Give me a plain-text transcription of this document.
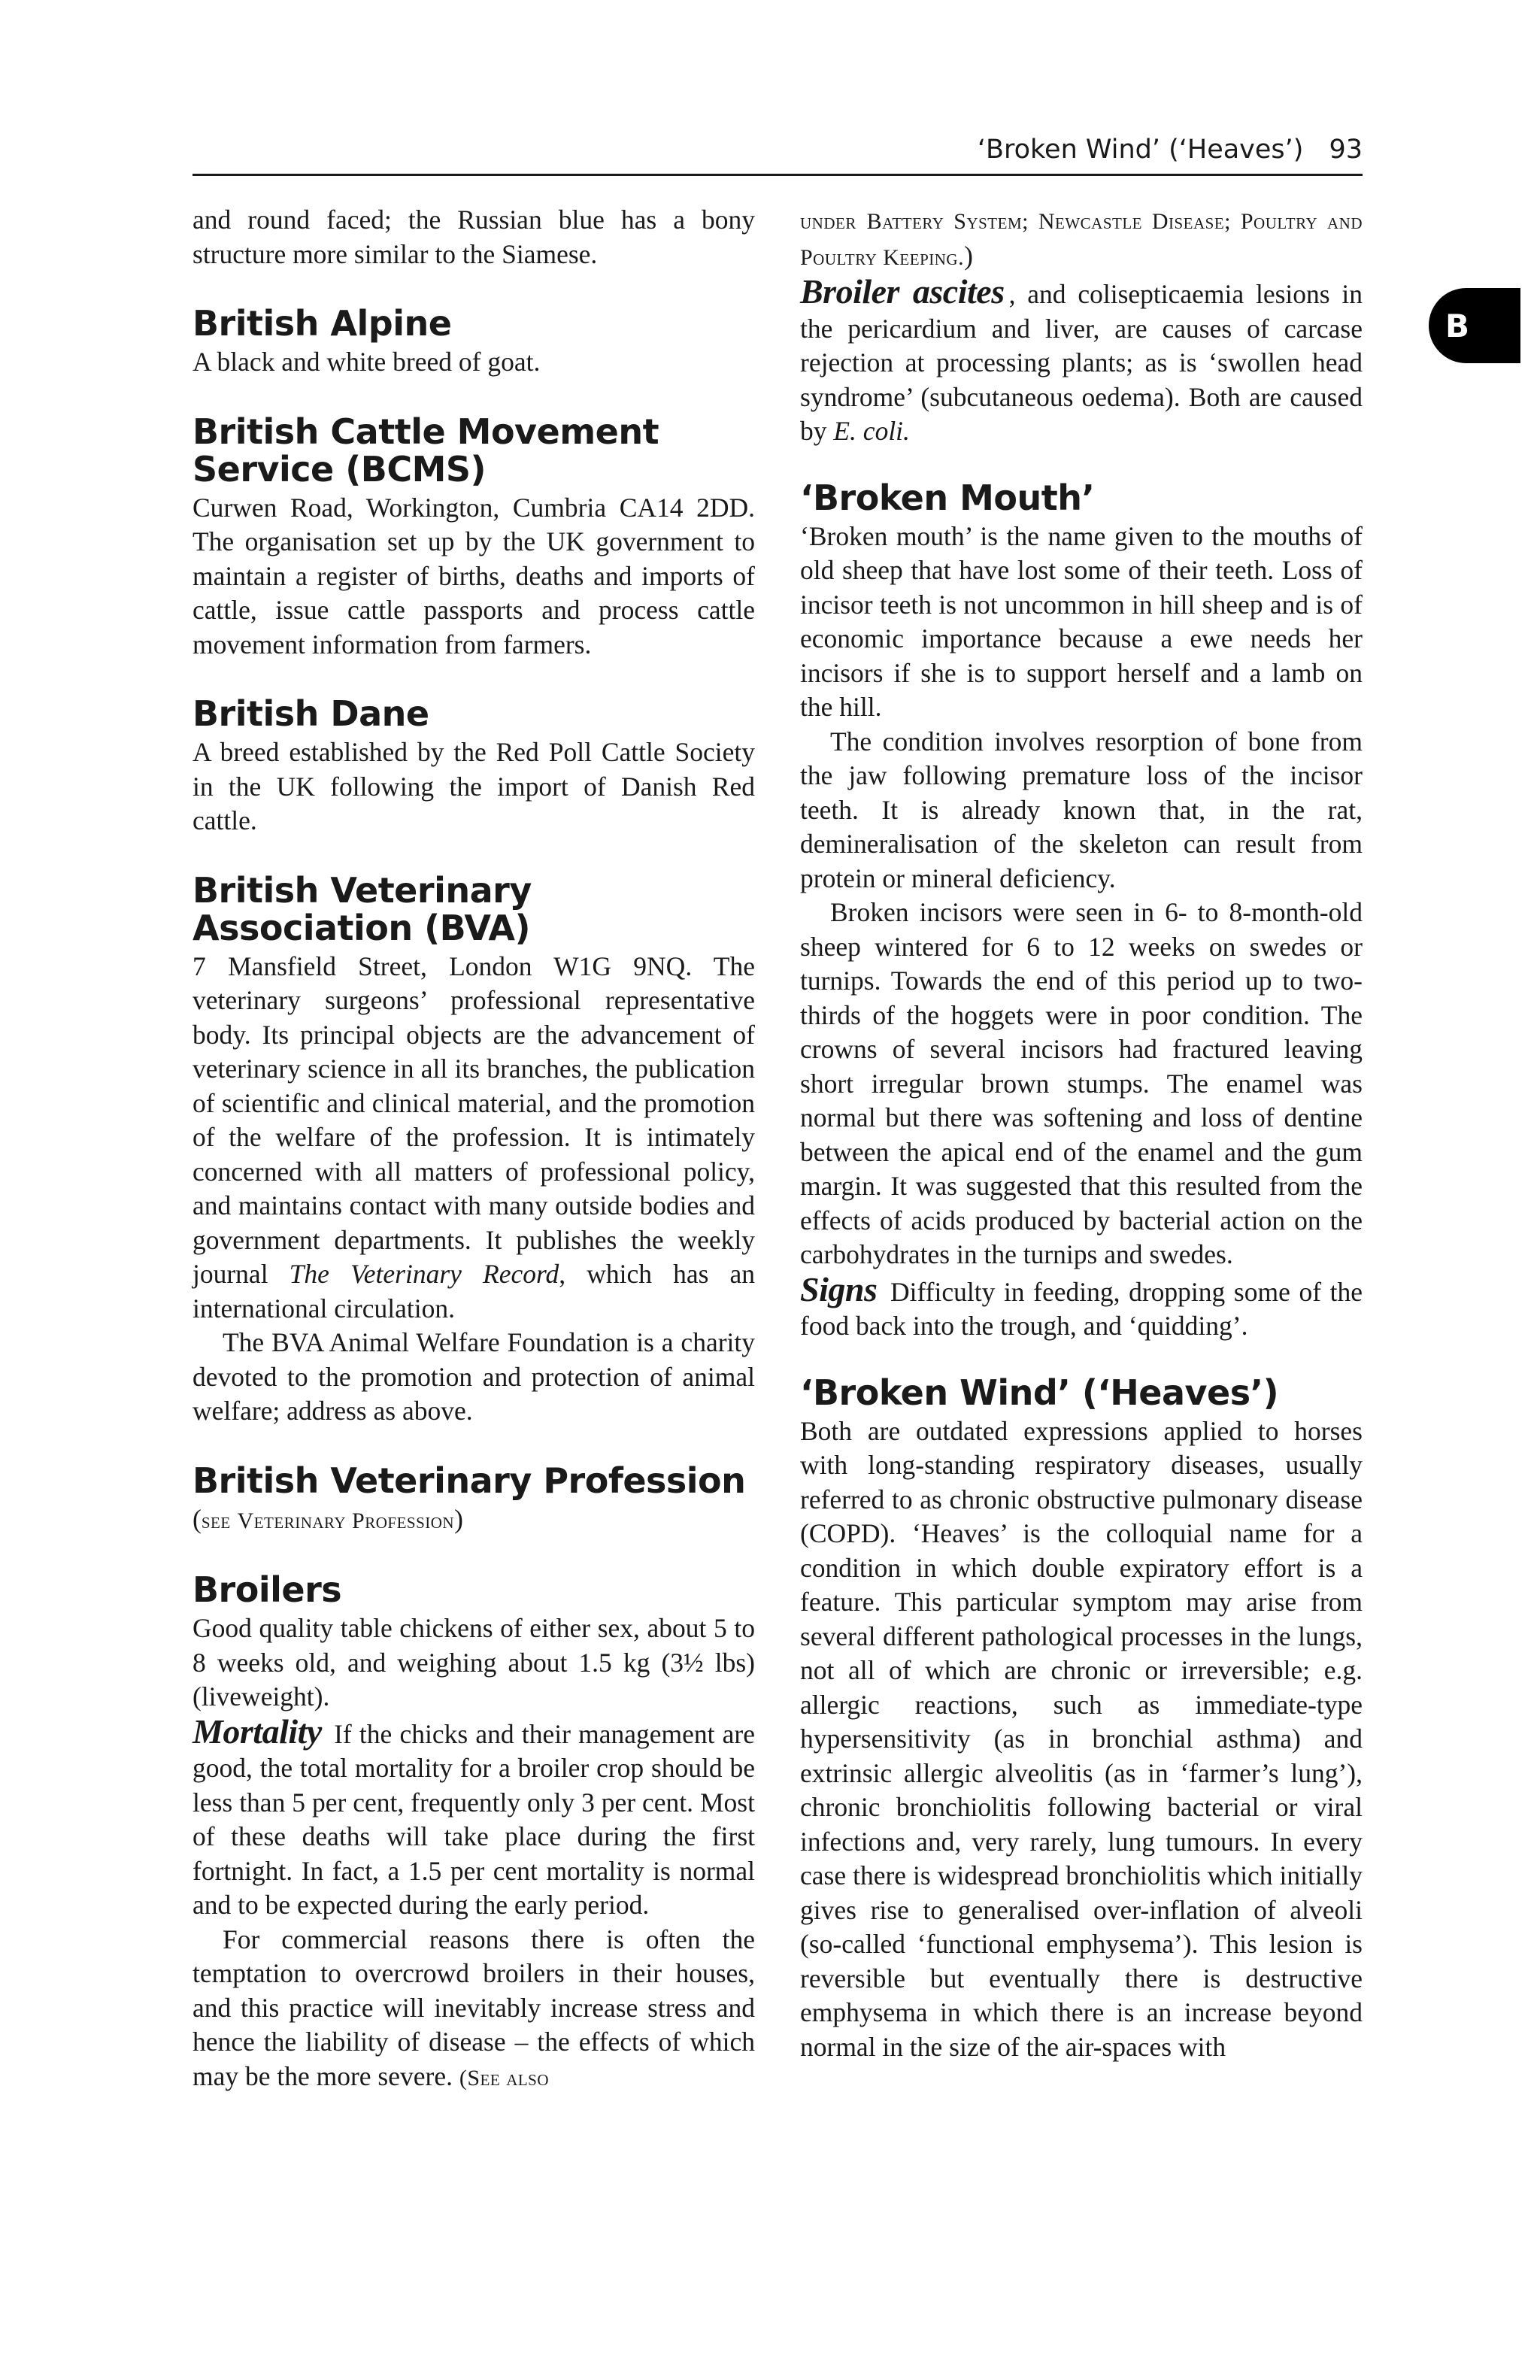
‘Broken Wind’ (‘Heaves’) 93
B

and round faced; the Russian blue has a bony structure more similar to the Siamese.

British Alpine

A black and white breed of goat.

British Cattle Movement Service (BCMS)

Curwen Road, Workington, Cumbria CA14 2DD. The organisation set up by the UK government to maintain a register of births, deaths and imports of cattle, issue cattle passports and process cattle movement information from farmers.

British Dane

A breed established by the Red Poll Cattle Society in the UK following the import of Danish Red cattle.

British Veterinary Association (BVA)

7 Mansfield Street, London W1G 9NQ. The veterinary surgeons’ professional representative body. Its principal objects are the advancement of veterinary science in all its branches, the publication of scientific and clinical material, and the promotion of the welfare of the profession. It is intimately concerned with all matters of professional policy, and maintains contact with many outside bodies and government departments. It publishes the weekly journal The Veterinary Record, which has an international circulation.

The BVA Animal Welfare Foundation is a charity devoted to the promotion and protection of animal welfare; address as above.

British Veterinary Profession

(see Veterinary Profession)

Broilers

Good quality table chickens of either sex, about 5 to 8 weeks old, and weighing about 1.5 kg (3½ lbs) (liveweight).

Mortality If the chicks and their management are good, the total mortality for a broiler crop should be less than 5 per cent, frequently only 3 per cent. Most of these deaths will take place during the first fortnight. In fact, a 1.5 per cent mortality is normal and to be expected during the early period.

For commercial reasons there is often the temptation to overcrowd broilers in their houses, and this practice will inevitably increase stress and hence the liability of disease – the effects of which may be the more severe. (See also

under Battery System; Newcastle Disease; Poultry and Poultry Keeping.)

Broiler ascites , and colisepticaemia lesions in the pericardium and liver, are causes of carcase rejection at processing plants; as is ‘swollen head syndrome’ (subcutaneous oedema). Both are caused by E. coli.

‘Broken Mouth’

‘Broken mouth’ is the name given to the mouths of old sheep that have lost some of their teeth. Loss of incisor teeth is not uncommon in hill sheep and is of economic importance because a ewe needs her incisors if she is to support herself and a lamb on the hill.

The condition involves resorption of bone from the jaw following premature loss of the incisor teeth. It is already known that, in the rat, demineralisation of the skeleton can result from protein or mineral deficiency.

Broken incisors were seen in 6- to 8-month-old sheep wintered for 6 to 12 weeks on swedes or turnips. Towards the end of this period up to two-thirds of the hoggets were in poor condition. The crowns of several incisors had fractured leaving short irregular brown stumps. The enamel was normal but there was softening and loss of dentine between the apical end of the enamel and the gum margin. It was suggested that this resulted from the effects of acids produced by bacterial action on the carbohydrates in the turnips and swedes.

Signs Difficulty in feeding, dropping some of the food back into the trough, and ‘quidding’.

‘Broken Wind’ (‘Heaves’)

Both are outdated expressions applied to horses with long-standing respiratory diseases, usually referred to as chronic obstructive pulmonary disease (COPD). ‘Heaves’ is the colloquial name for a condition in which double expiratory effort is a feature. This particular symptom may arise from several different pathological processes in the lungs, not all of which are chronic or irreversible; e.g. allergic reactions, such as immediate-type hypersensitivity (as in bronchial asthma) and extrinsic allergic alveolitis (as in ‘farmer’s lung’), chronic bronchiolitis following bacterial or viral infections and, very rarely, lung tumours. In every case there is widespread bronchiolitis which initially gives rise to generalised over-inflation of alveoli (so-called ‘functional emphysema’). This lesion is reversible but eventually there is destructive emphysema in which there is an increase beyond normal in the size of the air-spaces with
